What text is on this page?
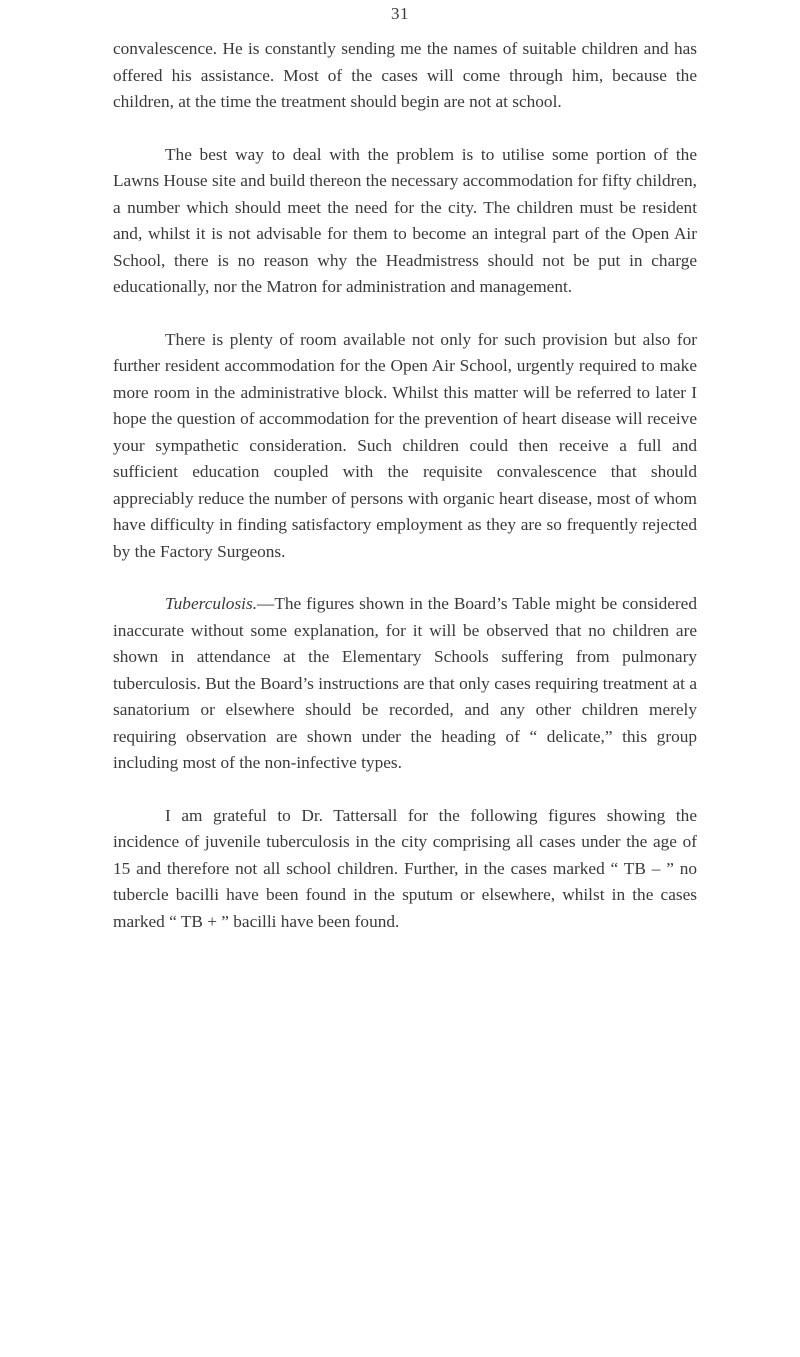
31

convalescence. He is constantly sending me the names of suitable children and has offered his assistance. Most of the cases will come through him, because the children, at the time the treatment should begin are not at school.

The best way to deal with the problem is to utilise some portion of the Lawns House site and build thereon the necessary accommodation for fifty children, a number which should meet the need for the city. The children must be resident and, whilst it is not advisable for them to become an integral part of the Open Air School, there is no reason why the Headmistress should not be put in charge educationally, nor the Matron for administration and management.

There is plenty of room available not only for such provision but also for further resident accommodation for the Open Air School, urgently required to make more room in the administrative block. Whilst this matter will be referred to later I hope the question of accommodation for the prevention of heart disease will receive your sympathetic consideration. Such children could then receive a full and sufficient education coupled with the requisite convalescence that should appreciably reduce the number of persons with organic heart disease, most of whom have difficulty in finding satisfactory employment as they are so frequently rejected by the Factory Surgeons.

Tuberculosis.—The figures shown in the Board’s Table might be considered inaccurate without some explanation, for it will be observed that no children are shown in attendance at the Elementary Schools suffering from pulmonary tuberculosis. But the Board’s instructions are that only cases requiring treatment at a sanatorium or elsewhere should be recorded, and any other children merely requiring observation are shown under the heading of “ delicate,” this group including most of the non-infective types.

I am grateful to Dr. Tattersall for the following figures showing the incidence of juvenile tuberculosis in the city comprising all cases under the age of 15 and therefore not all school children. Further, in the cases marked “ TB – ” no tubercle bacilli have been found in the sputum or elsewhere, whilst in the cases marked “ TB + ” bacilli have been found.
